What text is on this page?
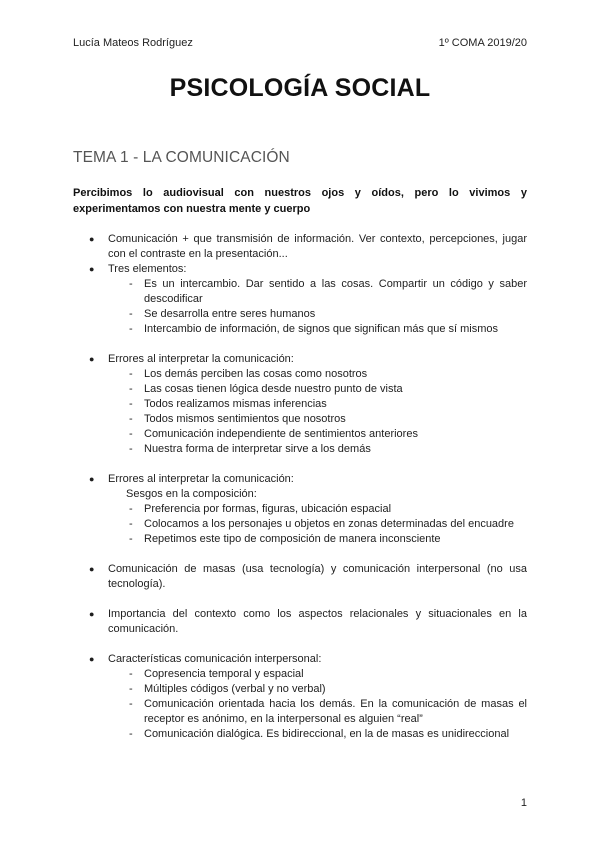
Lucía Mateos Rodríguez	1º COMA 2019/20
PSICOLOGÍA SOCIAL
TEMA 1 - LA COMUNICACIÓN
Percibimos lo audiovisual con nuestros ojos y oídos, pero lo vivimos y experimentamos con nuestra mente y cuerpo
● Comunicación + que transmisión de información. Ver contexto, percepciones, jugar con el contraste en la presentación...
● Tres elementos:
- Es un intercambio. Dar sentido a las cosas. Compartir un código y saber descodificar
- Se desarrolla entre seres humanos
- Intercambio de información, de signos que significan más que sí mismos
● Errores al interpretar la comunicación:
- Los demás perciben las cosas como nosotros
- Las cosas tienen lógica desde nuestro punto de vista
- Todos realizamos mismas inferencias
- Todos mismos sentimientos que nosotros
- Comunicación independiente de sentimientos anteriores
- Nuestra forma de interpretar sirve a los demás
● Errores al interpretar la comunicación:
Sesgos en la composición:
- Preferencia por formas, figuras, ubicación espacial
- Colocamos a los personajes u objetos en zonas determinadas del encuadre
- Repetimos este tipo de composición de manera inconsciente
● Comunicación de masas (usa tecnología) y comunicación interpersonal (no usa tecnología).
● Importancia del contexto como los aspectos relacionales y situacionales en la comunicación.
● Características comunicación interpersonal:
- Copresencia temporal y espacial
- Múltiples códigos (verbal y no verbal)
- Comunicación orientada hacia los demás. En la comunicación de masas el receptor es anónimo, en la interpersonal es alguien “real”
- Comunicación dialógica. Es bidireccional, en la de masas es unidireccional
1
